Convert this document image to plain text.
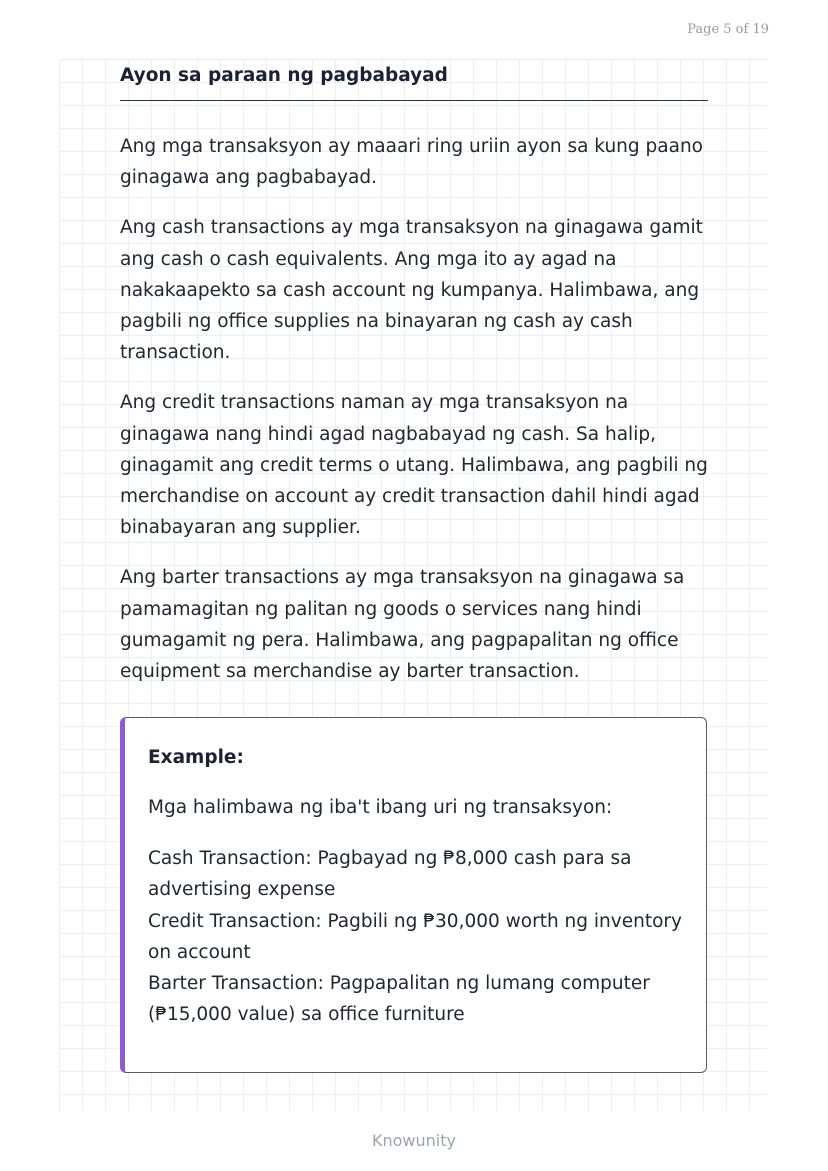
Page 5 of 19
Ayon sa paraan ng pagbabayad

Ang mga transaksyon ay maaari ring uriin ayon sa kung paano ginagawa ang pagbabayad.

Ang cash transactions ay mga transaksyon na ginagawa gamit ang cash o cash equivalents. Ang mga ito ay agad na nakakaapekto sa cash account ng kumpanya. Halimbawa, ang pagbili ng office supplies na binayaran ng cash ay cash transaction.

Ang credit transactions naman ay mga transaksyon na ginagawa nang hindi agad nagbabayad ng cash. Sa halip, ginagamit ang credit terms o utang. Halimbawa, ang pagbili ng merchandise on account ay credit transaction dahil hindi agad binabayaran ang supplier.

Ang barter transactions ay mga transaksyon na ginagawa sa pamamagitan ng palitan ng goods o services nang hindi gumagamit ng pera. Halimbawa, ang pagpapalitan ng office equipment sa merchandise ay barter transaction.

Example:

Mga halimbawa ng iba't ibang uri ng transaksyon:

Cash Transaction: Pagbayad ng ₱8,000 cash para sa advertising expense
Credit Transaction: Pagbili ng ₱30,000 worth ng inventory on account
Barter Transaction: Pagpapalitan ng lumang computer (₱15,000 value) sa office furniture
Knowunity
